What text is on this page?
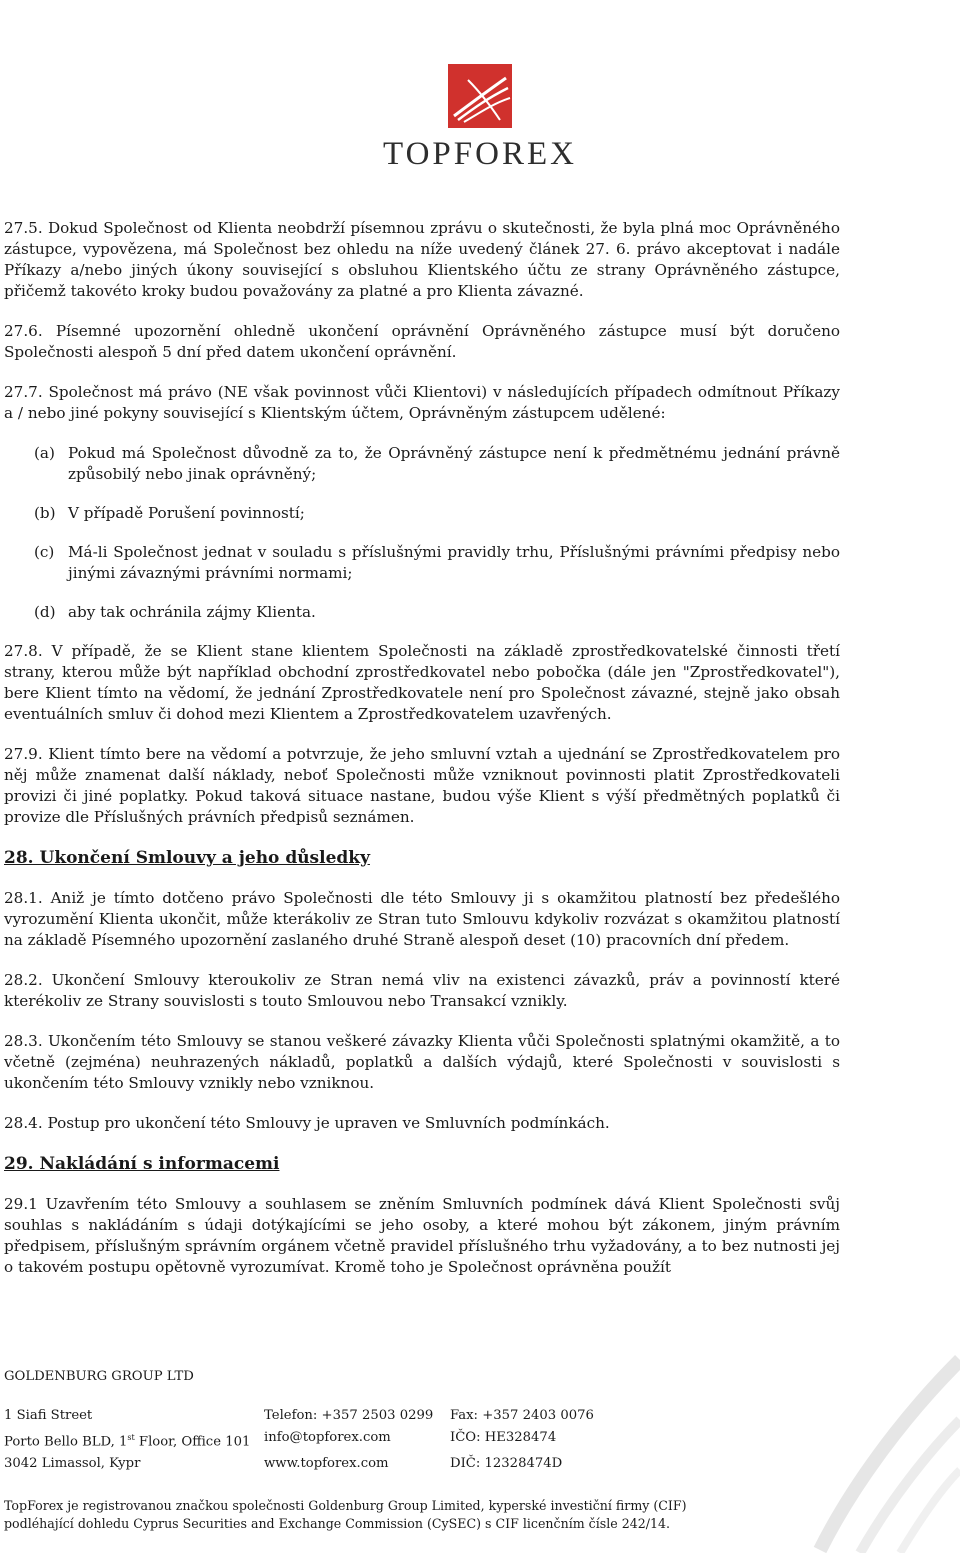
TOPFOREX

27.5. Dokud Společnost od Klienta neobdrží písemnou zprávu o skutečnosti, že byla plná moc Oprávněného zástupce, vypovězena, má Společnost bez ohledu na níže uvedený článek 27. 6. právo akceptovat i nadále Příkazy a/nebo jiných úkony související s obsluhou Klientského účtu ze strany Oprávněného zástupce, přičemž takovéto kroky budou považovány za platné a pro Klienta závazné.

27.6. Písemné upozornění ohledně ukončení oprávnění Oprávněného zástupce musí být doručeno Společnosti alespoň 5 dní před datem ukončení oprávnění.

27.7. Společnost má právo (NE však povinnost vůči Klientovi) v následujících případech odmítnout Příkazy a / nebo jiné pokyny související s Klientským účtem, Oprávněným zástupcem udělené:

(a) Pokud má Společnost důvodně za to, že Oprávněný zástupce není k předmětnému jednání právně způsobilý nebo jinak oprávněný;
(b) V případě Porušení povinností;
(c) Má-li Společnost jednat v souladu s příslušnými pravidly trhu, Příslušnými právními předpisy nebo jinými závaznými právními normami;
(d) aby tak ochránila zájmy Klienta.

27.8. V případě, že se Klient stane klientem Společnosti na základě zprostředkovatelské činnosti třetí strany, kterou může být například obchodní zprostředkovatel nebo pobočka (dále jen "Zprostředkovatel"), bere Klient tímto na vědomí, že jednání Zprostředkovatele není pro Společnost závazné, stejně jako obsah eventuálních smluv či dohod mezi Klientem a Zprostředkovatelem uzavřených.

27.9. Klient tímto bere na vědomí a potvrzuje, že jeho smluvní vztah a ujednání se Zprostředkovatelem pro něj může znamenat další náklady, neboť Společnosti může vzniknout povinnosti platit Zprostředkovateli provizi či jiné poplatky. Pokud taková situace nastane, budou výše Klient s výší předmětných poplatků či provize dle Příslušných právních předpisů seznámen.

28. Ukončení Smlouvy a jeho důsledky

28.1. Aniž je tímto dotčeno právo Společnosti dle této Smlouvy ji s okamžitou platností bez předešlého vyrozumění Klienta ukončit, může kterákoliv ze Stran tuto Smlouvu kdykoliv rozvázat s okamžitou platností na základě Písemného upozornění zaslaného druhé Straně alespoň deset (10) pracovních dní předem.

28.2. Ukončení Smlouvy kteroukoliv ze Stran nemá vliv na existenci závazků, práv a povinností které kterékoliv ze Strany souvislosti s touto Smlouvou nebo Transakcí vznikly.

28.3. Ukončením této Smlouvy se stanou veškeré závazky Klienta vůči Společnosti splatnými okamžitě, a to včetně (zejména) neuhrazených nákladů, poplatků a dalších výdajů, které Společnosti v souvislosti s ukončením této Smlouvy vznikly nebo vzniknou.

28.4. Postup pro ukončení této Smlouvy je upraven ve Smluvních podmínkách.

29. Nakládání s informacemi

29.1 Uzavřením této Smlouvy a souhlasem se zněním Smluvních podmínek dává Klient Společnosti svůj souhlas s nakládáním s údaji dotýkajícími se jeho osoby, a které mohou být zákonem, jiným právním předpisem, příslušným správním orgánem včetně pravidel příslušného trhu vyžadovány, a to bez nutnosti jej o takovém postupu opětovně vyrozumívat. Kromě toho je Společnost oprávněna použít

GOLDENBURG GROUP LTD
1 Siafi Street	Telefon: +357 2503 0299	Fax: +357 2403 0076
Porto Bello BLD, 1st Floor, Office 101	info@topforex.com	IČO: HE328474
3042 Limassol, Kypr	www.topforex.com	DIČ: 12328474D
TopForex je registrovanou značkou společnosti Goldenburg Group Limited, kyperské investiční firmy (CIF)
podléhající dohledu Cyprus Securities and Exchange Commission (CySEC) s CIF licenčním čísle 242/14.
